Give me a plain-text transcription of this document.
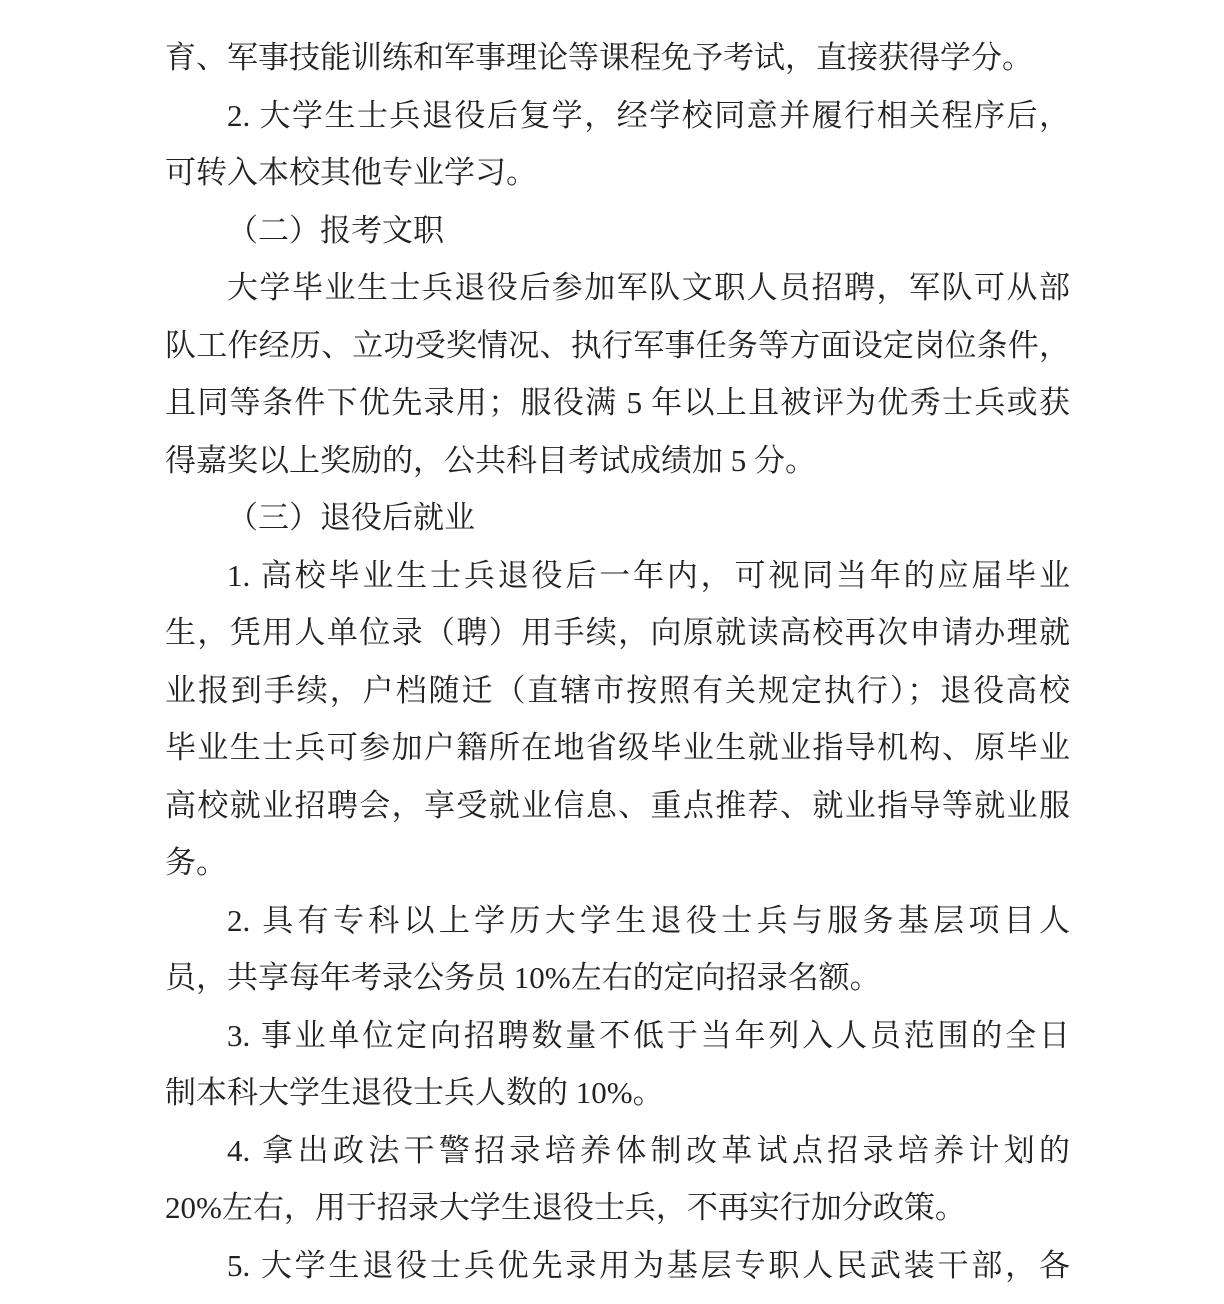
育、军事技能训练和军事理论等课程免予考试，直接获得学分。
2. 大学生士兵退役后复学，经学校同意并履行相关程序后，
可转入本校其他专业学习。
（二）报考文职
大学毕业生士兵退役后参加军队文职人员招聘，军队可从部
队工作经历、立功受奖情况、执行军事任务等方面设定岗位条件，
且同等条件下优先录用；服役满 5 年以上且被评为优秀士兵或获
得嘉奖以上奖励的，公共科目考试成绩加 5 分。
（三）退役后就业
1. 高校毕业生士兵退役后一年内，可视同当年的应届毕业
生，凭用人单位录（聘）用手续，向原就读高校再次申请办理就
业报到手续，户档随迁（直辖市按照有关规定执行）；退役高校
毕业生士兵可参加户籍所在地省级毕业生就业指导机构、原毕业
高校就业招聘会，享受就业信息、重点推荐、就业指导等就业服
务。
2. 具有专科以上学历大学生退役士兵与服务基层项目人
员，共享每年考录公务员 10%左右的定向招录名额。
3. 事业单位定向招聘数量不低于当年列入人员范围的全日
制本科大学生退役士兵人数的 10%。
4. 拿出政法干警招录培养体制改革试点招录培养计划的
20%左右，用于招录大学生退役士兵，不再实行加分政策。
5. 大学生退役士兵优先录用为基层专职人民武装干部，各
